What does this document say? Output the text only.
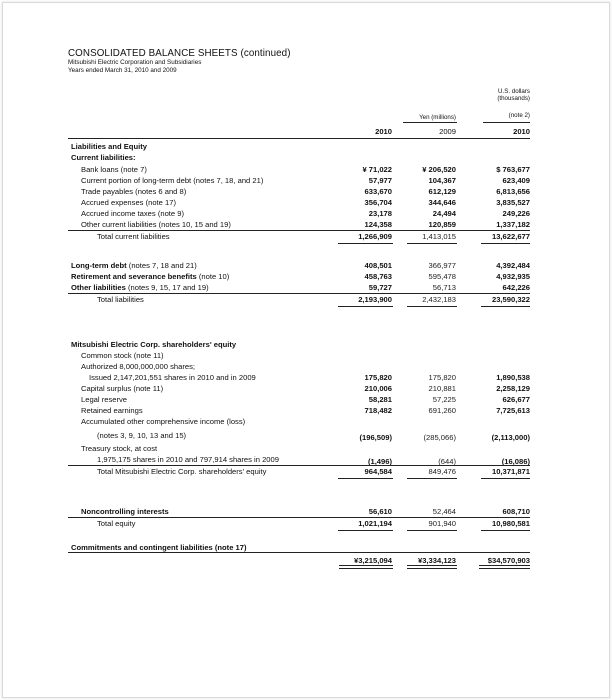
CONSOLIDATED BALANCE SHEETS (continued)
Mitsubishi Electric Corporation and Subsidiaries
Years ended March 31, 2010 and 2009
U.S. dollars
(thousands)
(note 2)
Yen (millions)
2010	2009	2010
Liabilities and Equity
Current liabilities:
Bank loans (note 7)	¥ 71,022	¥ 206,520	$ 763,677
Current portion of long-term debt (notes 7, 18, and 21)	57,977	104,367	623,409
Trade payables (notes 6 and 8)	633,670	612,129	6,813,656
Accrued expenses (note 17)	356,704	344,646	3,835,527
Accrued income taxes (note 9)	23,178	24,494	249,226
Other current liabilities (notes 10, 15 and 19)	124,358	120,859	1,337,182
Total current liabilities	1,266,909	1,413,015	13,622,677
Long-term debt (notes 7, 18 and 21)	408,501	366,977	4,392,484
Retirement and severance benefits (note 10)	458,763	595,478	4,932,935
Other liabilities (notes 9, 15, 17 and 19)	59,727	56,713	642,226
Total liabilities	2,193,900	2,432,183	23,590,322
Mitsubishi Electric Corp. shareholders' equity
Common stock (note 11)
Authorized 8,000,000,000 shares;
Issued 2,147,201,551 shares in 2010 and in 2009	175,820	175,820	1,890,538
Capital surplus (note 11)	210,006	210,881	2,258,129
Legal reserve	58,281	57,225	626,677
Retained earnings	718,482	691,260	7,725,613
Accumulated other comprehensive income (loss)
(notes 3, 9, 10, 13 and 15)	(196,509)	(285,066)	(2,113,000)
Treasury stock, at cost
1,975,175 shares in 2010 and 797,914 shares in 2009	(1,496)	(644)	(16,086)
Total Mitsubishi Electric Corp. shareholders' equity	964,584	849,476	10,371,871
Noncontrolling interests	56,610	52,464	608,710
Total equity	1,021,194	901,940	10,980,581
Commitments and contingent liabilities (note 17)
¥3,215,094	¥3,334,123	$34,570,903
